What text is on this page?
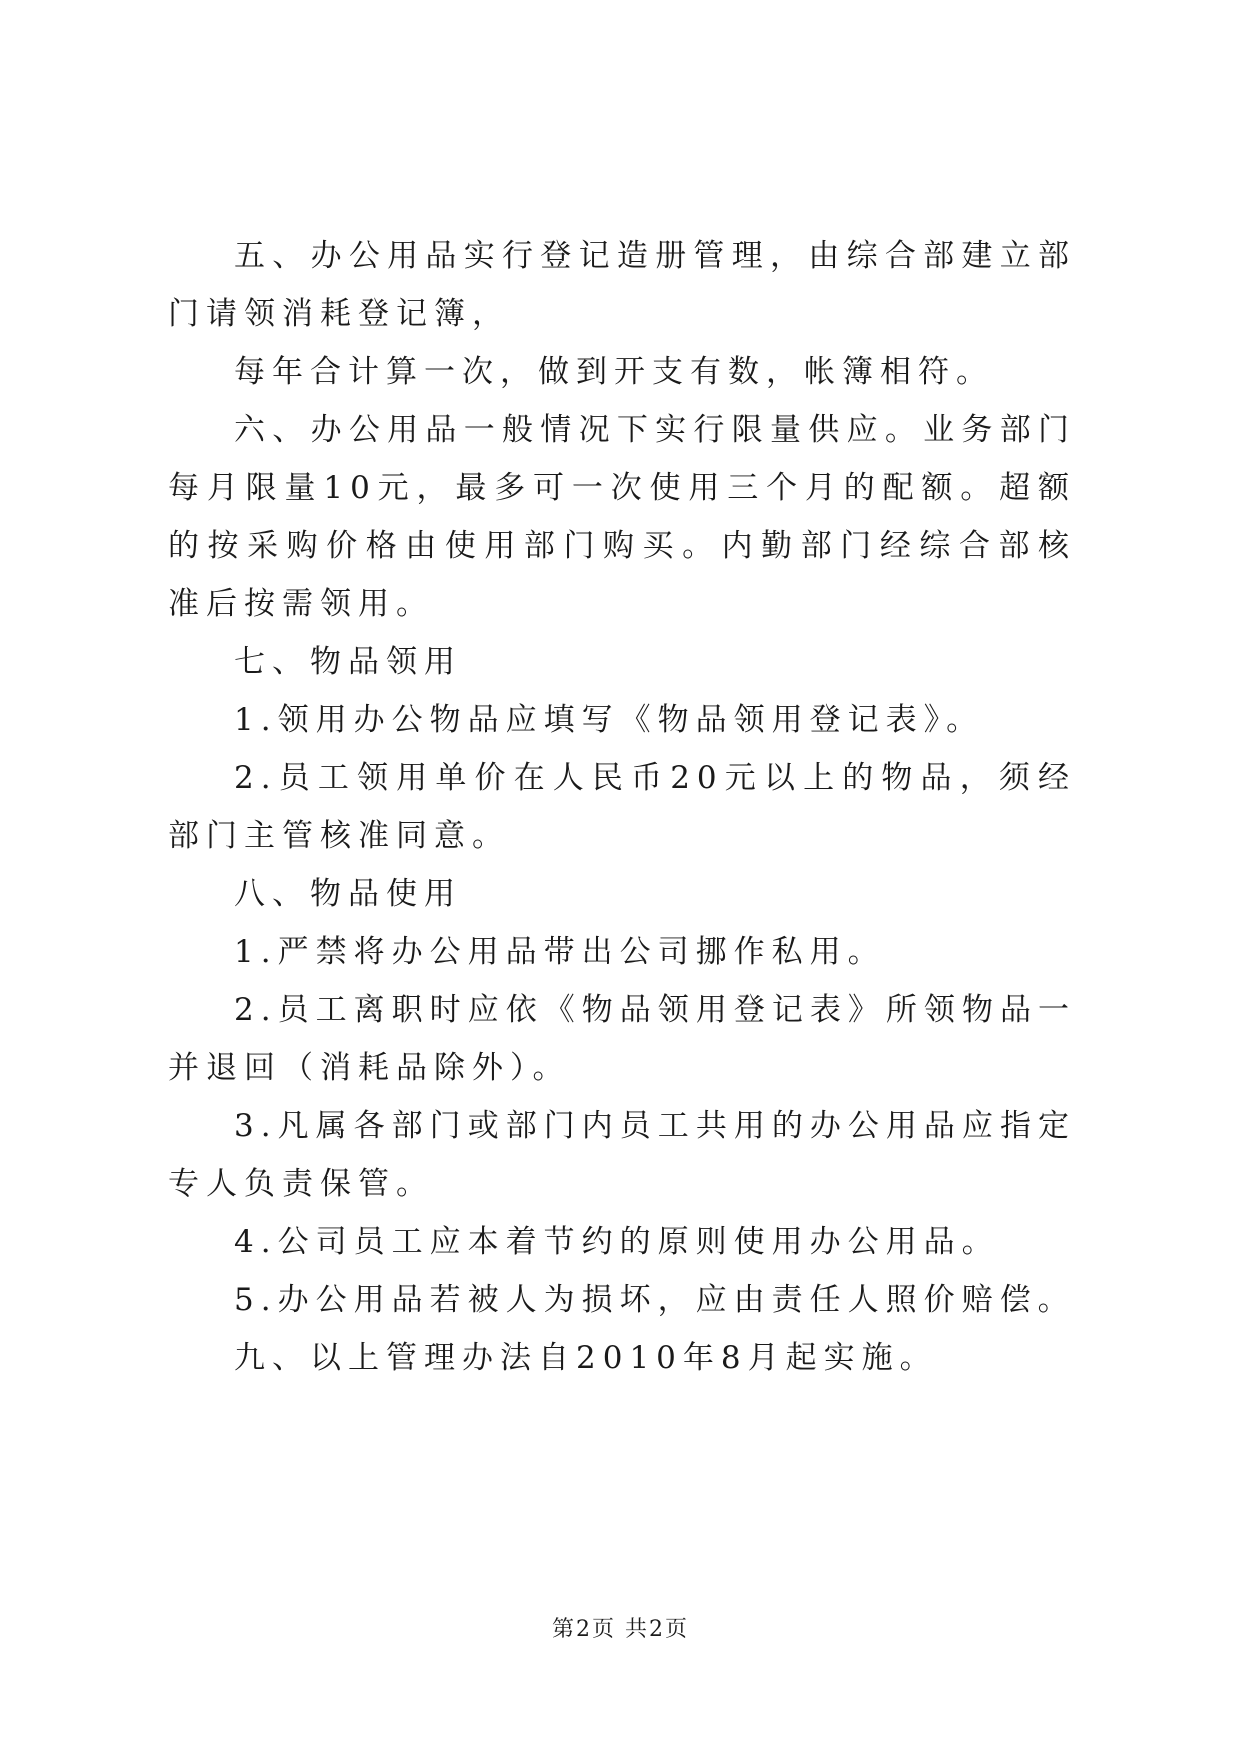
五、办公用品实行登记造册管理，由综合部建立部门请领消耗登记簿，

每年合计算一次，做到开支有数，帐簿相符。

六、办公用品一般情况下实行限量供应。业务部门每月限量10元，最多可一次使用三个月的配额。超额的按采购价格由使用部门购买。内勤部门经综合部核准后按需领用。

七、物品领用

1.领用办公物品应填写《物品领用登记表》。

2.员工领用单价在人民币20元以上的物品，须经部门主管核准同意。

八、物品使用

1.严禁将办公用品带出公司挪作私用。

2.员工离职时应依《物品领用登记表》所领物品一并退回（消耗品除外）。

3.凡属各部门或部门内员工共用的办公用品应指定专人负责保管。

4.公司员工应本着节约的原则使用办公用品。

5.办公用品若被人为损坏，应由责任人照价赔偿。

九、以上管理办法自2010年8月起实施。

第2页 共2页
